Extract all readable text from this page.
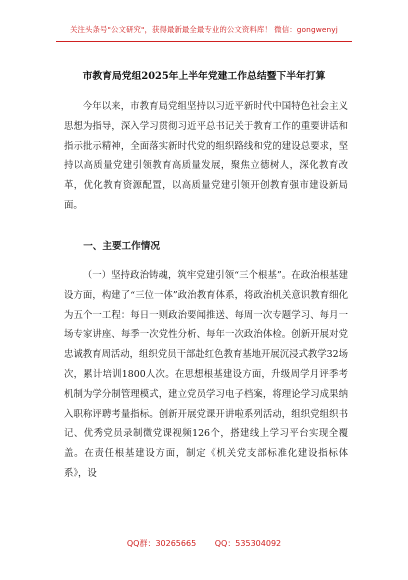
关注头条号"公文研究"，获得最新最全最专业的公文资料库！ 微信：gongwenyj
市教育局党组2025年上半年党建工作总结暨下半年打算

今年以来，市教育局党组坚持以习近平新时代中国特色社会主义思想为指导，深入学习贯彻习近平总书记关于教育工作的重要讲话和指示批示精神，全面落实新时代党的组织路线和党的建设总要求，坚持以高质量党建引领教育高质量发展，聚焦立德树人，深化教育改革，优化教育资源配置，以高质量党建引领开创教育强市建设新局面。

一、主要工作情况

（一）坚持政治铸魂，筑牢党建引领“三个根基”。在政治根基建设方面，构建了“三位一体”政治教育体系，将政治机关意识教育细化为五个一工程：每日一则政治要闻推送、每周一次专题学习、每月一场专家讲座、每季一次党性分析、每年一次政治体检。创新开展对党忠诚教育周活动，组织党员干部赴红色教育基地开展沉浸式教学32场次，累计培训1800人次。在思想根基建设方面，升级周学月评季考机制为学分制管理模式，建立党员学习电子档案，将理论学习成果纳入职称评聘考量指标。创新开展党课开讲啦系列活动，组织党组织书记、优秀党员录制微党课视频126个，搭建线上学习平台实现全覆盖。在责任根基建设方面，制定《机关党支部标准化建设指标体系》，设

QQ群：30265665 QQ：535304092
